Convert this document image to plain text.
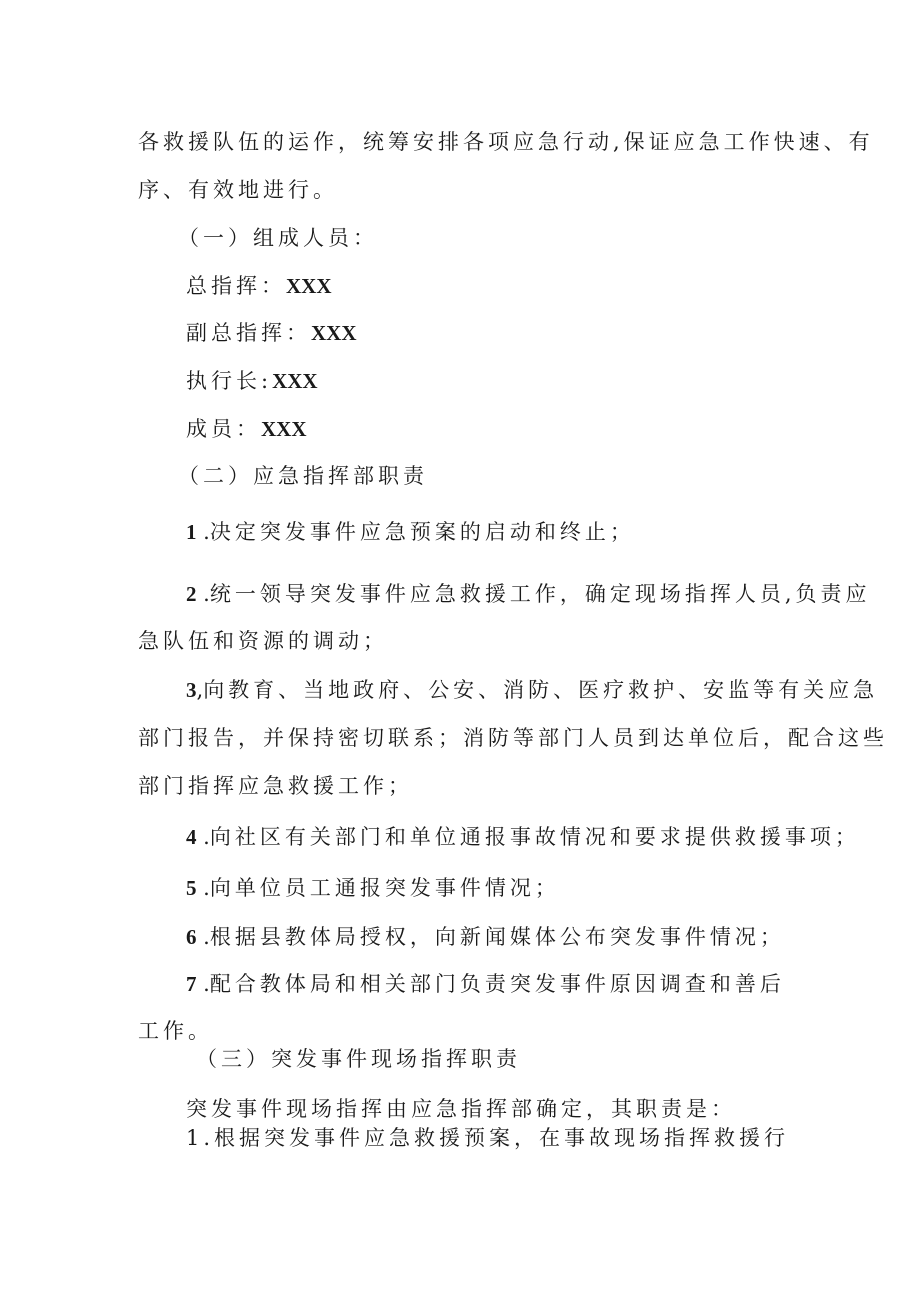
各救援队伍的运作，统筹安排各项应急行动,保证应急工作快速、有
序、有效地进行。
（一）组成人员：
总指挥：XXX
副总指挥：XXX
执行长:XXX
成员：XXX
（二）应急指挥部职责
1 .决定突发事件应急预案的启动和终止；
2 .统一领导突发事件应急救援工作，确定现场指挥人员,负责应
急队伍和资源的调动；
3,向教育、当地政府、公安、消防、医疗救护、安监等有关应急
部门报告，并保持密切联系；消防等部门人员到达单位后，配合这些
部门指挥应急救援工作；
4 .向社区有关部门和单位通报事故情况和要求提供救援事项；
5 .向单位员工通报突发事件情况；
6 .根据县教体局授权，向新闻媒体公布突发事件情况；
7 .配合教体局和相关部门负责突发事件原因调查和善后
工作。
（三）突发事件现场指挥职责
突发事件现场指挥由应急指挥部确定，其职责是：
1.根据突发事件应急救援预案，在事故现场指挥救援行
